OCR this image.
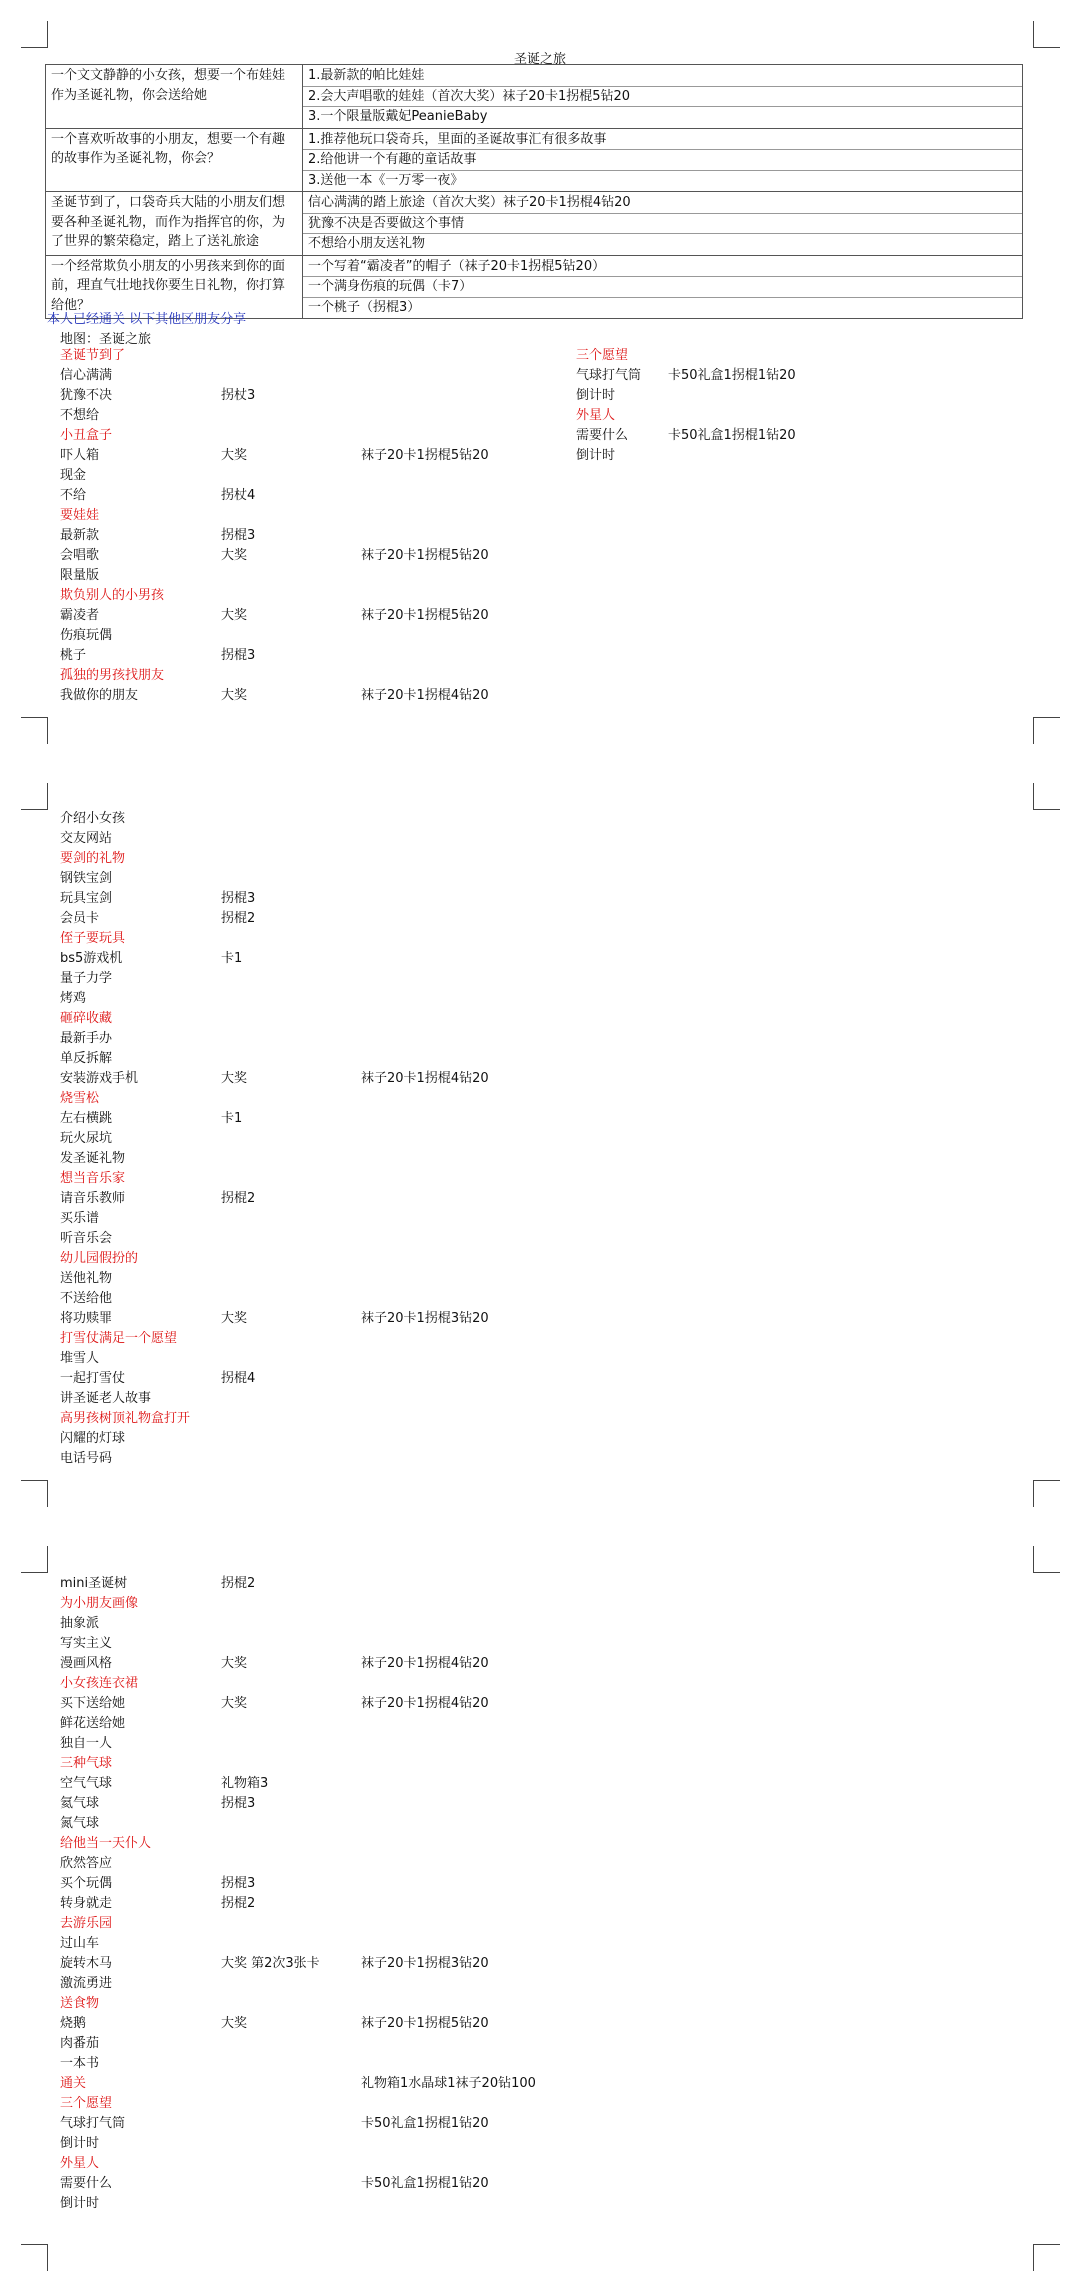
圣诞之旅
一个文文静静的小女孩，想要一个布娃娃作为圣诞礼物，你会送给她	1.最新款的帕比娃娃
2.会大声唱歌的娃娃（首次大奖）袜子20卡1拐棍5钻20
3.一个限量版戴妃PeanieBaby

一个喜欢听故事的小朋友，想要一个有趣的故事作为圣诞礼物，你会？	1.推荐他玩口袋奇兵，里面的圣诞故事汇有很多故事
2.给他讲一个有趣的童话故事
3.送他一本《一万零一夜》

圣诞节到了，口袋奇兵大陆的小朋友们想要各种圣诞礼物，而作为指挥官的你，为了世界的繁荣稳定，踏上了送礼旅途	信心满满的踏上旅途（首次大奖）袜子20卡1拐棍4钻20
犹豫不决是否要做这个事情
不想给小朋友送礼物

一个经常欺负小朋友的小男孩来到你的面前，理直气壮地找你要生日礼物，你打算给他？	一个写着“霸凌者”的帽子（袜子20卡1拐棍5钻20）
一个满身伤痕的玩偶（卡7）
一个桃子（拐棍3）
本人已经通关 以下其他区朋友分享
地图：圣诞之旅
圣诞节到了
信心满满
犹豫不决	拐杖3
不想给
小丑盒子
吓人箱	大奖	袜子20卡1拐棍5钻20
现金
不给	拐杖4
要娃娃
最新款	拐棍3
会唱歌	大奖	袜子20卡1拐棍5钻20
限量版
欺负别人的小男孩
霸凌者	大奖	袜子20卡1拐棍5钻20
伤痕玩偶
桃子	拐棍3
孤独的男孩找朋友
我做你的朋友	大奖	袜子20卡1拐棍4钻20
三个愿望
气球打气筒 卡50礼盒1拐棍1钻20
倒计时
外星人
需要什么	卡50礼盒1拐棍1钻20
倒计时
介绍小女孩
交友网站
要剑的礼物
钢铁宝剑
玩具宝剑	拐棍3
会员卡	拐棍2
侄子要玩具
bs5游戏机	卡1
量子力学
烤鸡
砸碎收藏
最新手办
单反拆解
安装游戏手机	大奖	袜子20卡1拐棍4钻20
烧雪松
左右横跳	卡1
玩火尿坑
发圣诞礼物
想当音乐家
请音乐教师	拐棍2
买乐谱
听音乐会
幼儿园假扮的
送他礼物
不送给他
将功赎罪	大奖	袜子20卡1拐棍3钻20
打雪仗满足一个愿望
堆雪人
一起打雪仗	拐棍4
讲圣诞老人故事
高男孩树顶礼物盒打开
闪耀的灯球
电话号码
mini圣诞树	拐棍2
为小朋友画像
抽象派
写实主义
漫画风格	大奖	袜子20卡1拐棍4钻20
小女孩连衣裙
买下送给她	大奖	袜子20卡1拐棍4钻20
鲜花送给她
独自一人
三种气球
空气气球	礼物箱3
氦气球	拐棍3
氮气球
给他当一天仆人
欣然答应
买个玩偶	拐棍3
转身就走	拐棍2
去游乐园
过山车
旋转木马	大奖 第2次3张卡	袜子20卡1拐棍3钻20
激流勇进
送食物
烧鹅	大奖	袜子20卡1拐棍5钻20
肉番茄
一本书
通关	礼物箱1水晶球1袜子20钻100
三个愿望
气球打气筒	卡50礼盒1拐棍1钻20
倒计时
外星人
需要什么	卡50礼盒1拐棍1钻20
倒计时
